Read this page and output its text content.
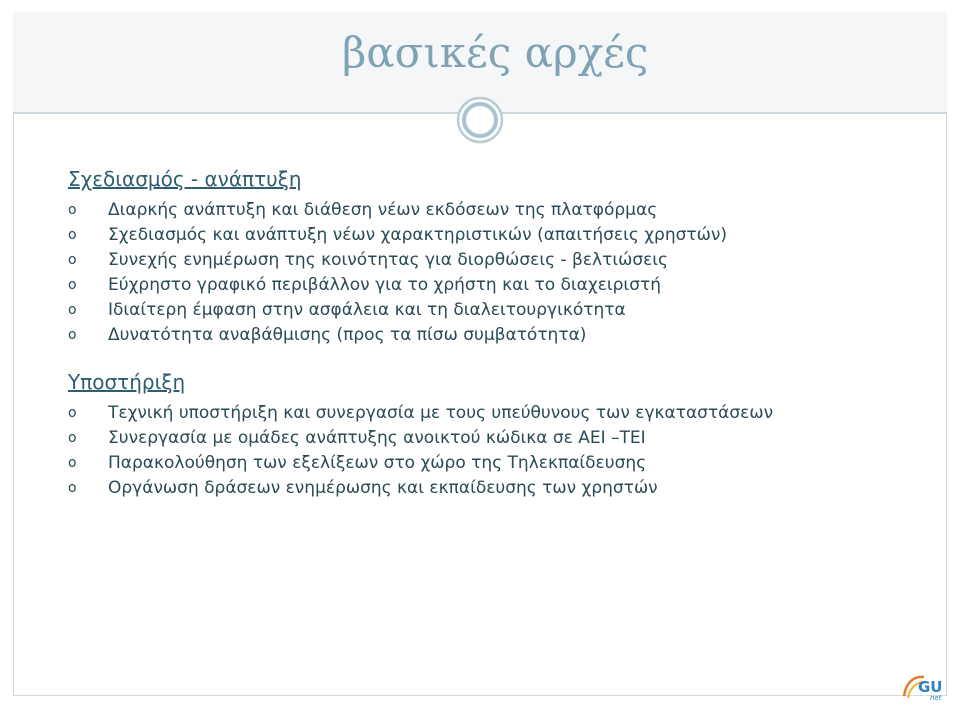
βασικές αρχές
Σχεδιασμός - ανάπτυξη
o	Διαρκής ανάπτυξη και διάθεση νέων εκδόσεων της πλατφόρμας
o	Σχεδιασμός και ανάπτυξη νέων χαρακτηριστικών (απαιτήσεις χρηστών)
o	Συνεχής ενημέρωση της κοινότητας για διορθώσεις - βελτιώσεις
o	Εύχρηστο γραφικό περιβάλλον για το χρήστη και το διαχειριστή
o	Ιδιαίτερη έμφαση στην ασφάλεια και τη διαλειτουργικότητα
o	Δυνατότητα αναβάθμισης (προς τα πίσω συμβατότητα)
Υποστήριξη
o	Τεχνική υποστήριξη και συνεργασία με τους υπεύθυνους των εγκαταστάσεων
o	Συνεργασία με ομάδες ανάπτυξης ανοικτού κώδικα σε ΑΕΙ –ΤΕΙ
o	Παρακολούθηση των εξελίξεων στο χώρο της Τηλεκπαίδευσης
o	Οργάνωση δράσεων ενημέρωσης και εκπαίδευσης των χρηστών
GU
net
